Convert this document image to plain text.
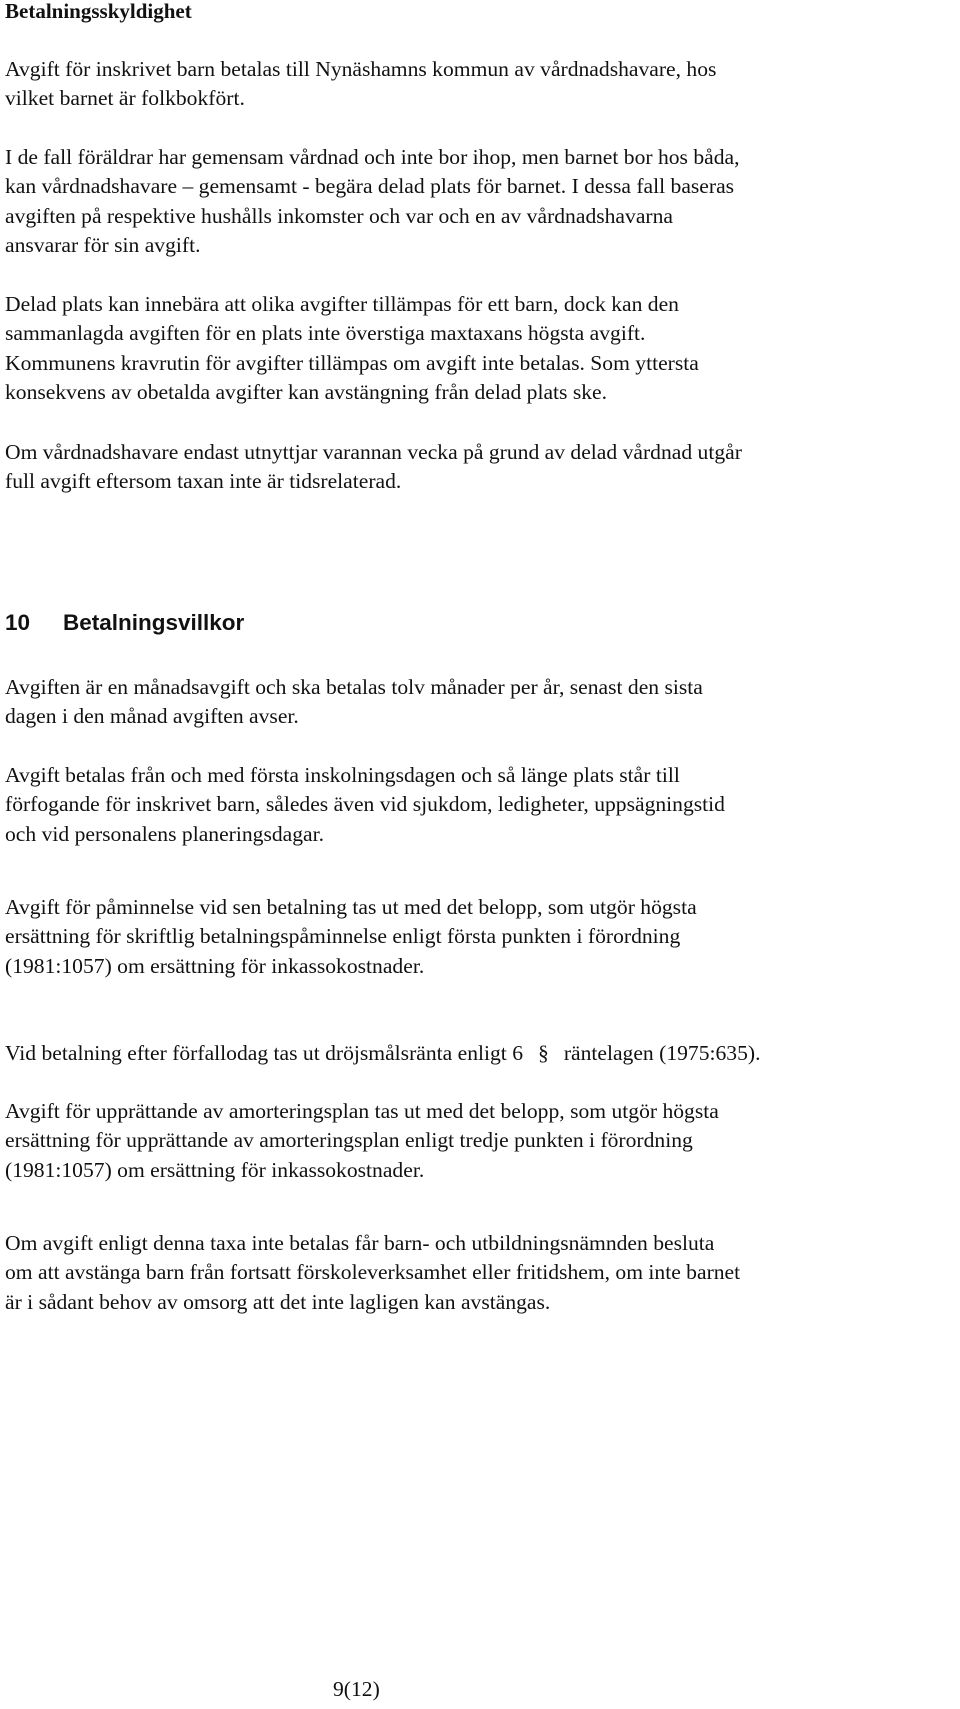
Betalningsskyldighet

Avgift för inskrivet barn betalas till Nynäshamns kommun av vårdnadshavare, hos
vilket barnet är folkbokfört.

I de fall föräldrar har gemensam vårdnad och inte bor ihop, men barnet bor hos båda,
kan vårdnadshavare – gemensamt - begära delad plats för barnet. I dessa fall baseras
avgiften på respektive hushålls inkomster och var och en av vårdnadshavarna
ansvarar för sin avgift.

Delad plats kan innebära att olika avgifter tillämpas för ett barn, dock kan den
sammanlagda avgiften för en plats inte överstiga maxtaxans högsta avgift.
Kommunens kravrutin för avgifter tillämpas om avgift inte betalas. Som yttersta
konsekvens av obetalda avgifter kan avstängning från delad plats ske.

Om vårdnadshavare endast utnyttjar varannan vecka på grund av delad vårdnad utgår
full avgift eftersom taxan inte är tidsrelaterad.

10 Betalningsvillkor

Avgiften är en månadsavgift och ska betalas tolv månader per år, senast den sista
dagen i den månad avgiften avser.

Avgift betalas från och med första inskolningsdagen och så länge plats står till
förfogande för inskrivet barn, således även vid sjukdom, ledigheter, uppsägningstid
och vid personalens planeringsdagar.

Avgift för påminnelse vid sen betalning tas ut med det belopp, som utgör högsta
ersättning för skriftlig betalningspåminnelse enligt första punkten i förordning
(1981:1057) om ersättning för inkassokostnader.

Vid betalning efter förfallodag tas ut dröjsmålsränta enligt 6 § räntelagen (1975:635).

Avgift för upprättande av amorteringsplan tas ut med det belopp, som utgör högsta
ersättning för upprättande av amorteringsplan enligt tredje punkten i förordning
(1981:1057) om ersättning för inkassokostnader.

Om avgift enligt denna taxa inte betalas får barn- och utbildningsnämnden besluta
om att avstänga barn från fortsatt förskoleverksamhet eller fritidshem, om inte barnet
är i sådant behov av omsorg att det inte lagligen kan avstängas.

9(12)
